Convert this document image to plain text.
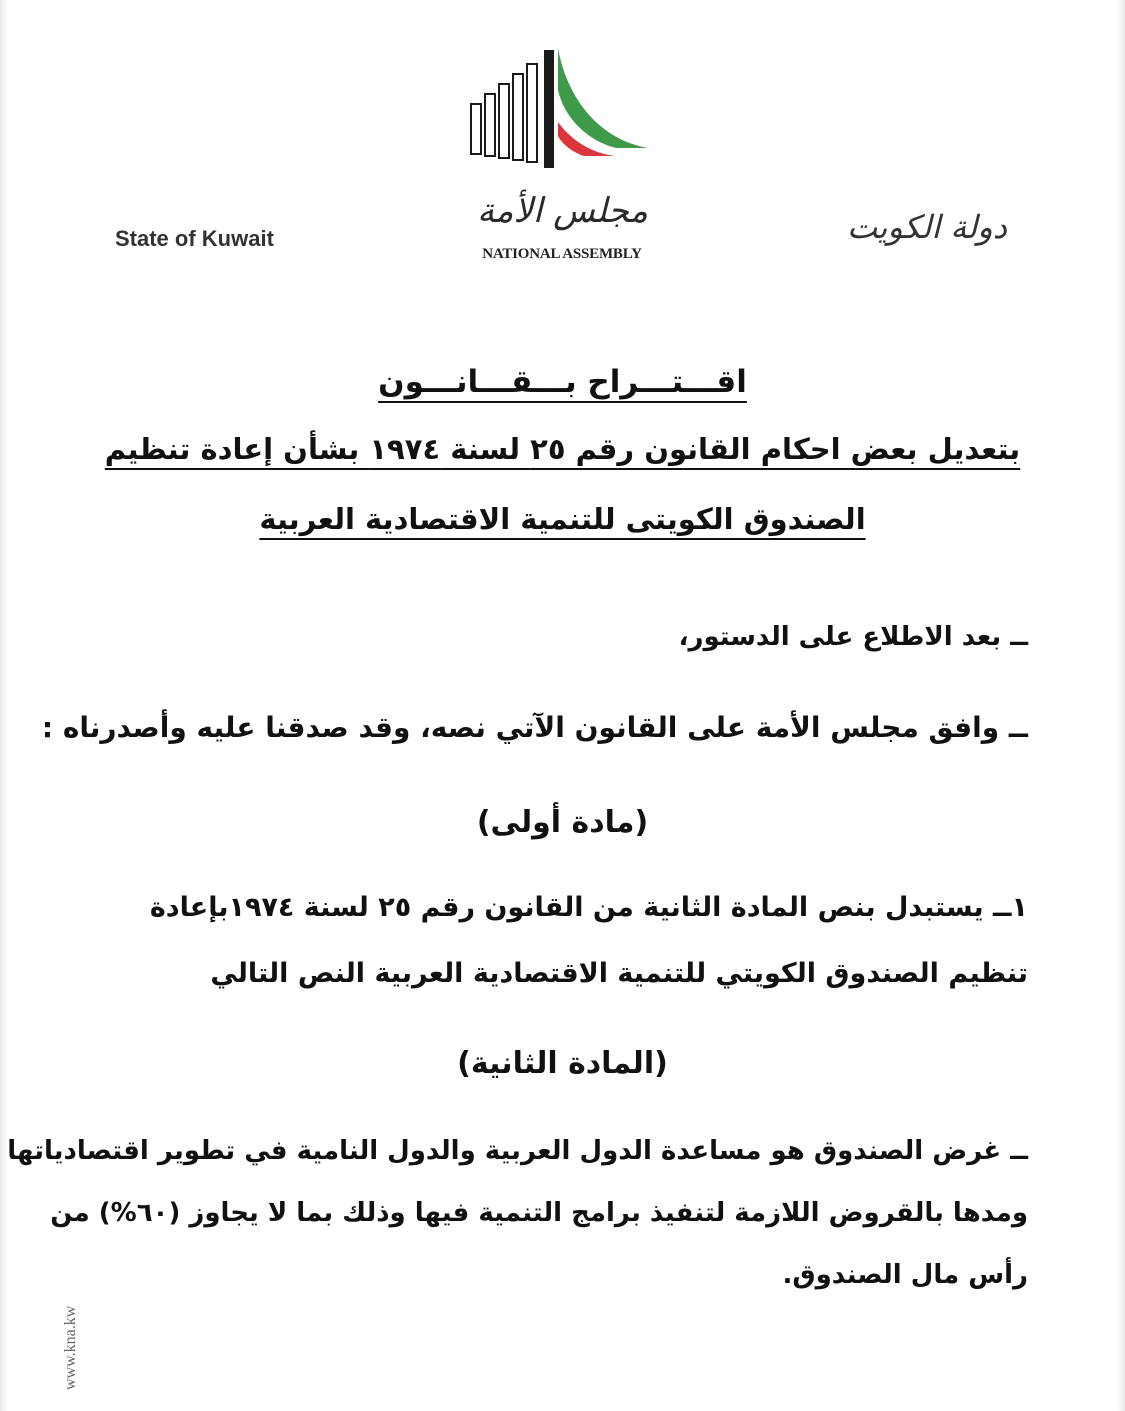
مجلس الأمة
NATIONAL ASSEMBLY
State of Kuwait	دولة الكويت
اقـــتـــراح بـــقـــانـــون
بتعديل بعض احكام القانون رقم ٢٥ لسنة ١٩٧٤ بشأن إعادة تنظيم
الصندوق الكويتى للتنمية الاقتصادية العربية
ــ بعد الاطلاع على الدستور،
ــ وافق مجلس الأمة على القانون الآتي نصه، وقد صدقنا عليه وأصدرناه :
(مادة أولى)
١ــ يستبدل بنص المادة الثانية من القانون رقم ٢٥ لسنة ١٩٧٤بإعادة
تنظيم الصندوق الكويتي للتنمية الاقتصادية العربية النص التالي
(المادة الثانية)
ــ غرض الصندوق هو مساعدة الدول العربية والدول النامية في تطوير اقتصادياتها
ومدها بالقروض اللازمة لتنفيذ برامج التنمية فيها وذلك بما لا يجاوز (٦٠%) من
رأس مال الصندوق.
www.kna.kw
